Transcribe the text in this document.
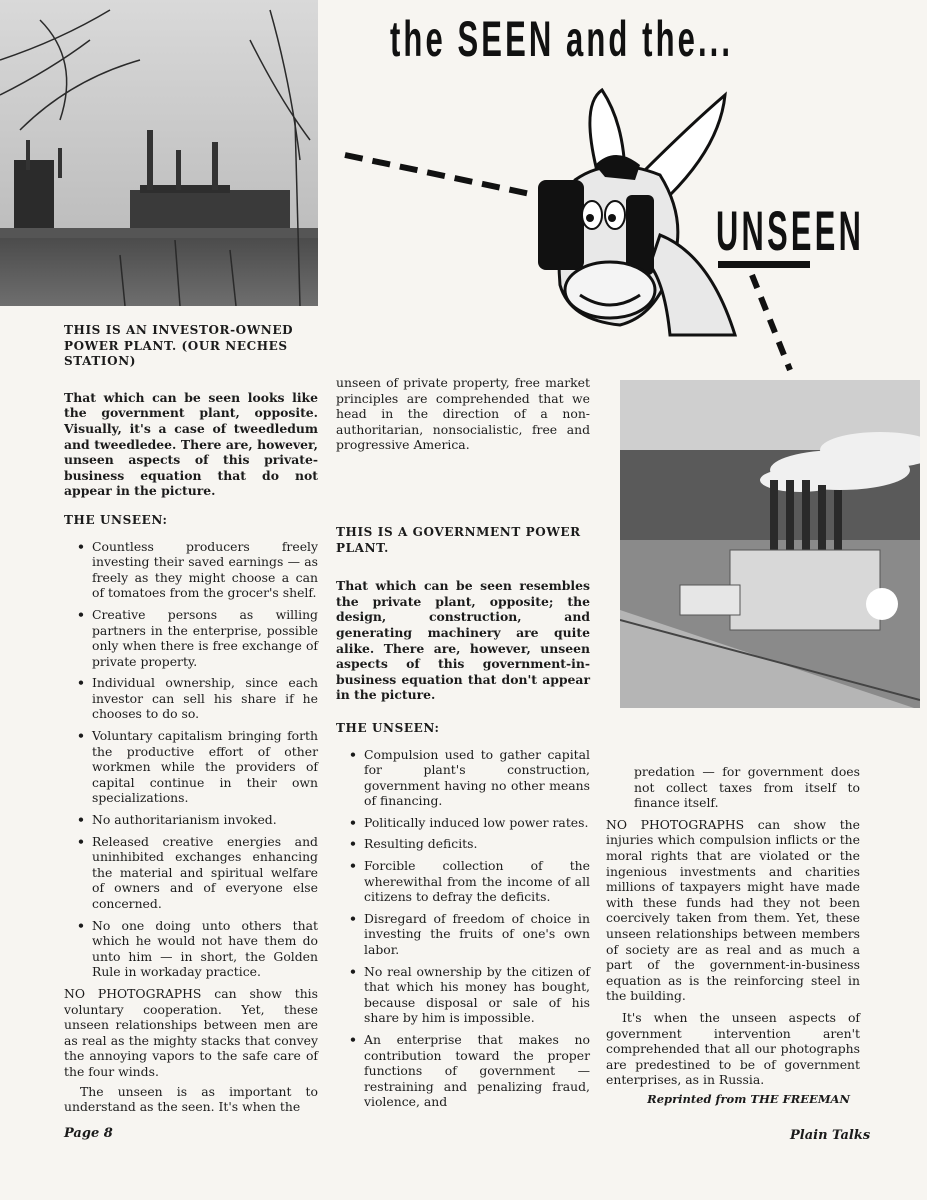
the SEEN and the...
UNSEEN

THIS IS AN INVESTOR-OWNED POWER PLANT. (OUR NECHES STATION)

That which can be seen looks like the government plant, opposite. Visually, it's a case of tweedledum and tweedledee. There are, however, unseen aspects of this private-business equation that do not appear in the picture.

THE UNSEEN:

• Countless producers freely investing their saved earnings — as freely as they might choose a can of tomatoes from the grocer's shelf.
• Creative persons as willing partners in the enterprise, possible only when there is free exchange of private property.
• Individual ownership, since each investor can sell his share if he chooses to do so.
• Voluntary capitalism bringing forth the productive effort of other workmen while the providers of capital continue in their own specializations.
• No authoritarianism invoked.
• Released creative energies and uninhibited exchanges enhancing the material and spiritual welfare of owners and of everyone else concerned.
• No one doing unto others that which he would not have them do unto him — in short, the Golden Rule in workaday practice.

NO PHOTOGRAPHS can show this voluntary cooperation. Yet, these unseen relationships between men are as real as the mighty stacks that convey the annoying vapors to the safe care of the four winds.

The unseen is as important to understand as the seen. It's when the

unseen of private property, free market principles are comprehended that we head in the direction of a non-authoritarian, nonsocialistic, free and progressive America.

THIS IS A GOVERNMENT POWER PLANT.

That which can be seen resembles the private plant, opposite; the design, construction, and generating machinery are quite alike. There are, however, unseen aspects of this government-in-business equation that don't appear in the picture.

THE UNSEEN:

• Compulsion used to gather capital for plant's construction, government having no other means of financing.
• Politically induced low power rates.
• Resulting deficits.
• Forcible collection of the wherewithal from the income of all citizens to defray the deficits.
• Disregard of freedom of choice in investing the fruits of one's own labor.
• No real ownership by the citizen of that which his money has bought, because disposal or sale of his share by him is impossible.
• An enterprise that makes no contribution toward the proper functions of government — restraining and penalizing fraud, violence, and

predation — for government does not collect taxes from itself to finance itself.

NO PHOTOGRAPHS can show the injuries which compulsion inflicts or the moral rights that are violated or the ingenious investments and charities millions of taxpayers might have made with these funds had they not been coercively taken from them. Yet, these unseen relationships between members of society are as real and as much a part of the government-in-business equation as is the reinforcing steel in the building.

It's when the unseen aspects of government intervention aren't comprehended that all our photographs are predestined to be of government enterprises, as in Russia.

Reprinted from THE FREEMAN

Page 8	Plain Talks
